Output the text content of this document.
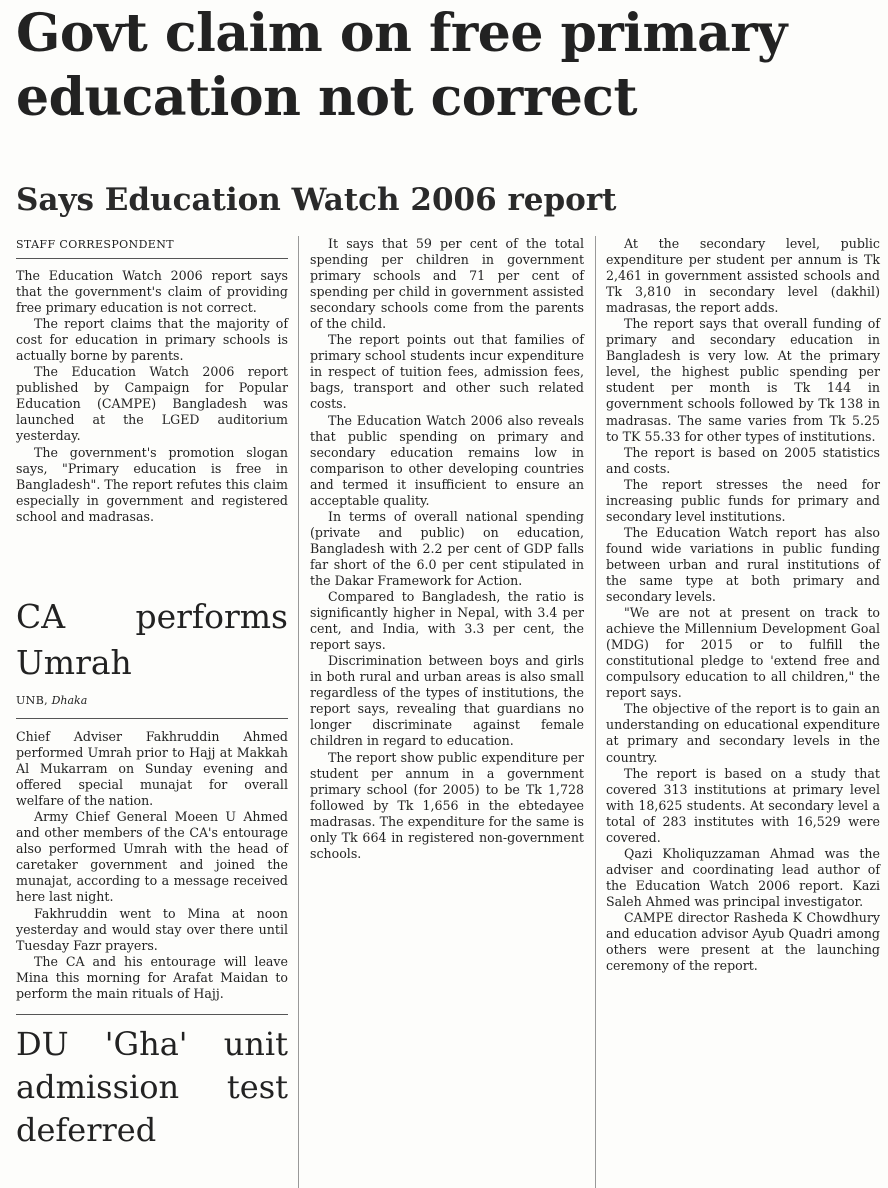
Govt claim on free primary education not correct
Says Education Watch 2006 report
STAFF CORRESPONDENT

The Education Watch 2006 report says that the government's claim of providing free primary education is not correct.

The report claims that the majority of cost for education in primary schools is actually borne by parents.

The Education Watch 2006 report published by Campaign for Popular Education (CAMPE) Bangladesh was launched at the LGED auditorium yesterday.

The government's promotion slogan says, "Primary education is free in Bangladesh". The report refutes this claim especially in government and registered school and madrasas.

CA performs Umrah
UNB, Dhaka

Chief Adviser Fakhruddin Ahmed performed Umrah prior to Hajj at Makkah Al Mukarram on Sunday evening and offered special munajat for overall welfare of the nation.

Army Chief General Moeen U Ahmed and other members of the CA's entourage also performed Umrah with the head of caretaker government and joined the munajat, according to a message received here last night.

Fakhruddin went to Mina at noon yesterday and would stay over there until Tuesday Fazr prayers.

The CA and his entourage will leave Mina this morning for Arafat Maidan to perform the main rituals of Hajj.

DU 'Gha' unit admission test deferred

It says that 59 per cent of the total spending per children in government primary schools and 71 per cent of spending per child in government assisted secondary schools come from the parents of the child.

The report points out that families of primary school students incur expenditure in respect of tuition fees, admission fees, bags, transport and other such related costs.

The Education Watch 2006 also reveals that public spending on primary and secondary education remains low in comparison to other developing countries and termed it insufficient to ensure an acceptable quality.

In terms of overall national spending (private and public) on education, Bangladesh with 2.2 per cent of GDP falls far short of the 6.0 per cent stipulated in the Dakar Framework for Action.

Compared to Bangladesh, the ratio is significantly higher in Nepal, with 3.4 per cent, and India, with 3.3 per cent, the report says.

Discrimination between boys and girls in both rural and urban areas is also small regardless of the types of institutions, the report says, revealing that guardians no longer discriminate against female children in regard to education.

The report show public expenditure per student per annum in a government primary school (for 2005) to be Tk 1,728 followed by Tk 1,656 in the ebtedayee madrasas. The expenditure for the same is only Tk 664 in registered non-government schools.

At the secondary level, public expenditure per student per annum is Tk 2,461 in government assisted schools and Tk 3,810 in secondary level (dakhil) madrasas, the report adds.

The report says that overall funding of primary and secondary education in Bangladesh is very low. At the primary level, the highest public spending per student per month is Tk 144 in government schools followed by Tk 138 in madrasas. The same varies from Tk 5.25 to TK 55.33 for other types of institutions.

The report is based on 2005 statistics and costs.

The report stresses the need for increasing public funds for primary and secondary level institutions.

The Education Watch report has also found wide variations in public funding between urban and rural institutions of the same type at both primary and secondary levels.

"We are not at present on track to achieve the Millennium Development Goal (MDG) for 2015 or to fulfill the constitutional pledge to 'extend free and compulsory education to all children," the report says.

The objective of the report is to gain an understanding on educational expenditure at primary and secondary levels in the country.

The report is based on a study that covered 313 institutions at primary level with 18,625 students. At secondary level a total of 283 institutes with 16,529 were covered.

Qazi Kholiquzzaman Ahmad was the adviser and coordinating lead author of the Education Watch 2006 report. Kazi Saleh Ahmed was principal investigator.

CAMPE director Rasheda K Chowdhury and education advisor Ayub Quadri among others were present at the launching ceremony of the report.
